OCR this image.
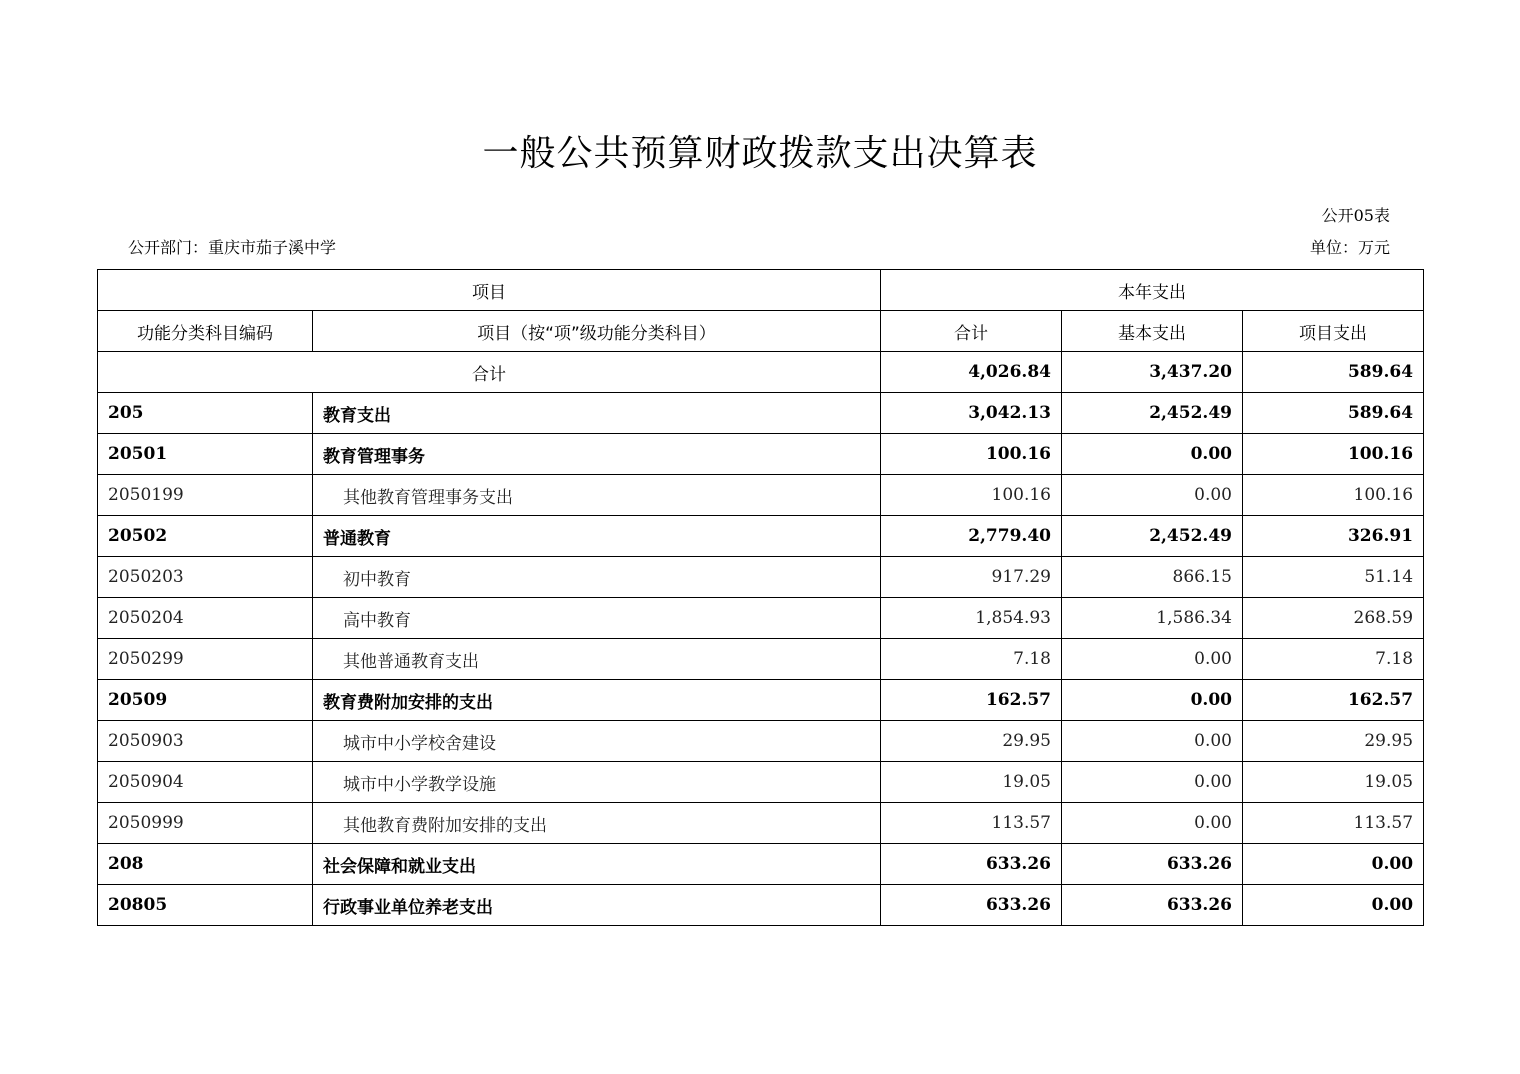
一般公共预算财政拨款支出决算表
公开05表
公开部门：重庆市茄子溪中学	单位：万元
项目		本年支出		
功能分类科目编码	项目（按“项”级功能分类科目）	合计	基本支出	项目支出
合计		4,026.84	3,437.20	589.64
205	教育支出	3,042.13	2,452.49	589.64
20501	教育管理事务	100.16	0.00	100.16
2050199	其他教育管理事务支出	100.16	0.00	100.16
20502	普通教育	2,779.40	2,452.49	326.91
2050203	初中教育	917.29	866.15	51.14
2050204	高中教育	1,854.93	1,586.34	268.59
2050299	其他普通教育支出	7.18	0.00	7.18
20509	教育费附加安排的支出	162.57	0.00	162.57
2050903	城市中小学校舍建设	29.95	0.00	29.95
2050904	城市中小学教学设施	19.05	0.00	19.05
2050999	其他教育费附加安排的支出	113.57	0.00	113.57
208	社会保障和就业支出	633.26	633.26	0.00
20805	行政事业单位养老支出	633.26	633.26	0.00
